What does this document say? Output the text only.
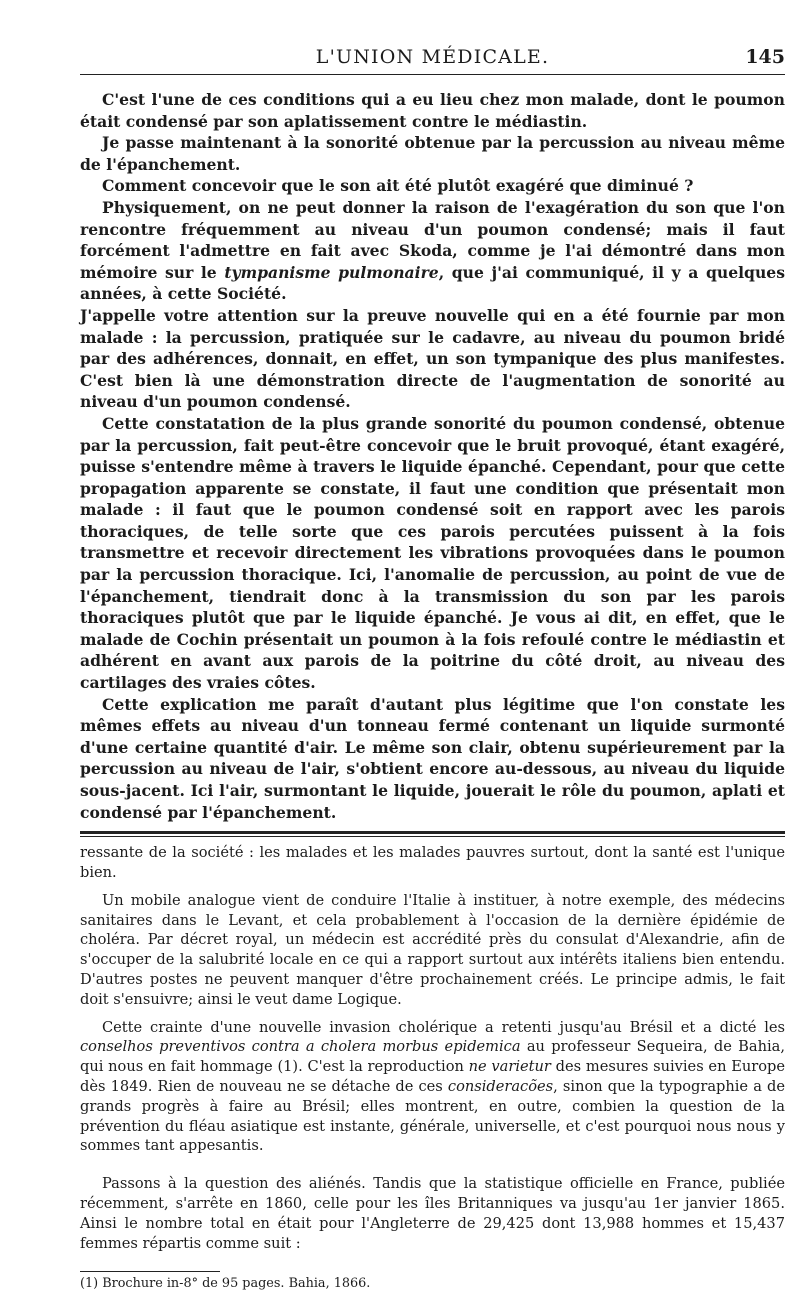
L'UNION MÉDICALE.	145

C'est l'une de ces conditions qui a eu lieu chez mon malade, dont le poumon était condensé par son aplatissement contre le médiastin.

Je passe maintenant à la sonorité obtenue par la percussion au niveau même de l'épanchement.

Comment concevoir que le son ait été plutôt exagéré que diminué ?

Physiquement, on ne peut donner la raison de l'exagération du son que l'on rencontre fréquemment au niveau d'un poumon condensé; mais il faut forcément l'admettre en fait avec Skoda, comme je l'ai démontré dans mon mémoire sur le tympanisme pulmonaire, que j'ai communiqué, il y a quelques années, à cette Société.

J'appelle votre attention sur la preuve nouvelle qui en a été fournie par mon malade : la percussion, pratiquée sur le cadavre, au niveau du poumon bridé par des adhérences, donnait, en effet, un son tympanique des plus manifestes. C'est bien là une démonstration directe de l'augmentation de sonorité au niveau d'un poumon condensé.

Cette constatation de la plus grande sonorité du poumon condensé, obtenue par la percussion, fait peut-être concevoir que le bruit provoqué, étant exagéré, puisse s'entendre même à travers le liquide épanché. Cependant, pour que cette propagation apparente se constate, il faut une condition que présentait mon malade : il faut que le poumon condensé soit en rapport avec les parois thoraciques, de telle sorte que ces parois percutées puissent à la fois transmettre et recevoir directement les vibrations provoquées dans le poumon par la percussion thoracique. Ici, l'anomalie de percussion, au point de vue de l'épanchement, tiendrait donc à la transmission du son par les parois thoraciques plutôt que par le liquide épanché. Je vous ai dit, en effet, que le malade de Cochin présentait un poumon à la fois refoulé contre le médiastin et adhérent en avant aux parois de la poitrine du côté droit, au niveau des cartilages des vraies côtes.

Cette explication me paraît d'autant plus légitime que l'on constate les mêmes effets au niveau d'un tonneau fermé contenant un liquide surmonté d'une certaine quantité d'air. Le même son clair, obtenu supérieurement par la percussion au niveau de l'air, s'obtient encore au-dessous, au niveau du liquide sous-jacent. Ici l'air, surmontant le liquide, jouerait le rôle du poumon, aplati et condensé par l'épanchement.

ressante de la société : les malades et les malades pauvres surtout, dont la santé est l'unique bien.

Un mobile analogue vient de conduire l'Italie à instituer, à notre exemple, des médecins sanitaires dans le Levant, et cela probablement à l'occasion de la dernière épidémie de choléra. Par décret royal, un médecin est accrédité près du consulat d'Alexandrie, afin de s'occuper de la salubrité locale en ce qui a rapport surtout aux intérêts italiens bien entendu. D'autres postes ne peuvent manquer d'être prochainement créés. Le principe admis, le fait doit s'ensuivre; ainsi le veut dame Logique.

Cette crainte d'une nouvelle invasion cholérique a retenti jusqu'au Brésil et a dicté les conselhos preventivos contra a cholera morbus epidemica au professeur Sequeira, de Bahia, qui nous en fait hommage (1). C'est la reproduction ne varietur des mesures suivies en Europe dès 1849. Rien de nouveau ne se détache de ces consideracões, sinon que la typographie a de grands progrès à faire au Brésil; elles montrent, en outre, combien la question de la prévention du fléau asiatique est instante, générale, universelle, et c'est pourquoi nous nous y sommes tant appesantis.

Passons à la question des aliénés. Tandis que la statistique officielle en France, publiée récemment, s'arrête en 1860, celle pour les îles Britanniques va jusqu'au 1er janvier 1865. Ainsi le nombre total en était pour l'Angleterre de 29,425 dont 13,988 hommes et 15,437 femmes répartis comme suit :

(1) Brochure in-8° de 95 pages. Bahia, 1866.
